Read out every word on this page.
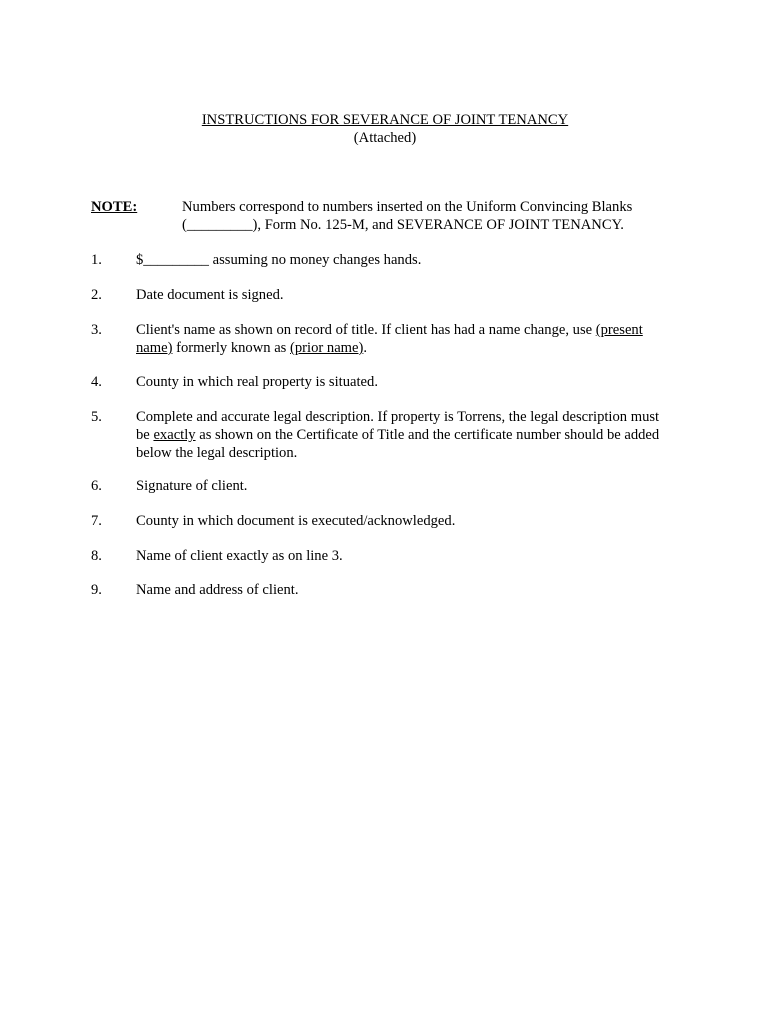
INSTRUCTIONS FOR SEVERANCE OF JOINT TENANCY
(Attached)
NOTE:	Numbers correspond to numbers inserted on the Uniform Convincing Blanks
(_________), Form No. 125-M, and SEVERANCE OF JOINT TENANCY.
1. $_________ assuming no money changes hands.
2. Date document is signed.
3. Client's name as shown on record of title. If client has had a name change, use (present
name) formerly known as (prior name).
4. County in which real property is situated.
5. Complete and accurate legal description. If property is Torrens, the legal description must
be exactly as shown on the Certificate of Title and the certificate number should be added
below the legal description.
6. Signature of client.
7. County in which document is executed/acknowledged.
8. Name of client exactly as on line 3.
9. Name and address of client.
